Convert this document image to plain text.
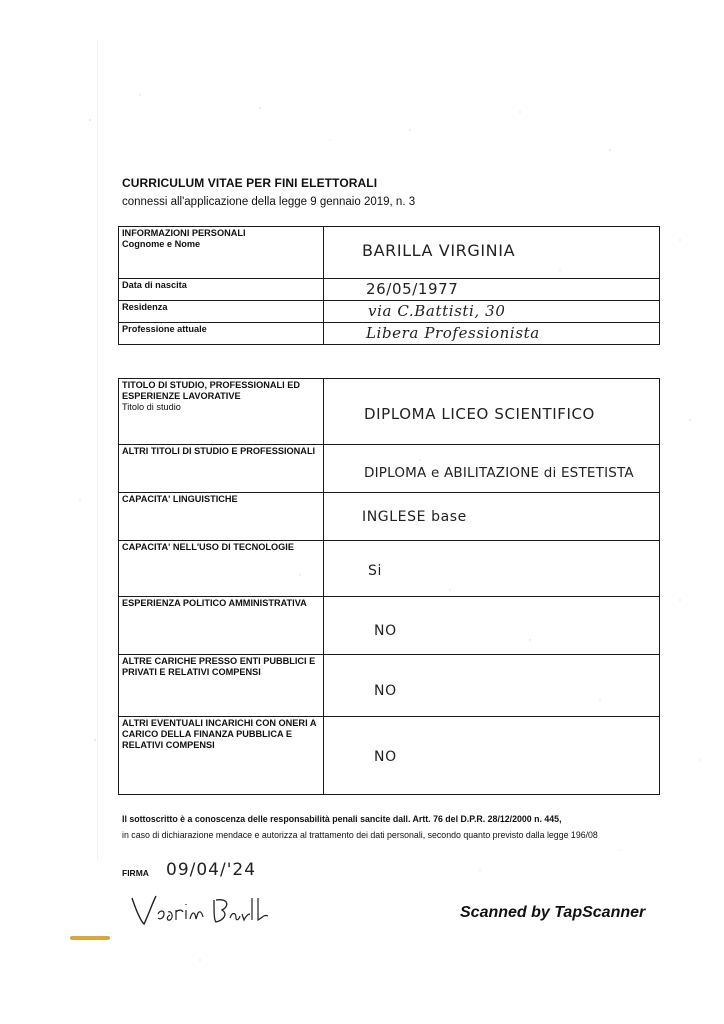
CURRICULUM VITAE PER FINI ELETTORALI
connessi all'applicazione della legge 9 gennaio 2019, n. 3
INFORMAZIONI PERSONALI
Cognome e Nome	BARILLA VIRGINIA

Data di nascita	26/05/1977

Residenza	via C.Battisti, 30

Professione attuale	Libera Professionista
TITOLO DI STUDIO, PROFESSIONALI ED ESPERIENZE LAVORATIVE
Titolo di studio	DIPLOMA LICEO SCIENTIFICO

ALTRI TITOLI DI STUDIO E PROFESSIONALI	DIPLOMA e ABILITAZIONE di ESTETISTA

CAPACITA' LINGUISTICHE	INGLESE base

CAPACITA' NELL'USO DI TECNOLOGIE	Si

ESPERIENZA POLITICO AMMINISTRATIVA	NO

ALTRE CARICHE PRESSO ENTI PUBBLICI E PRIVATI E RELATIVI COMPENSI	NO

ALTRI EVENTUALI INCARICHI CON ONERI A CARICO DELLA FINANZA PUBBLICA E RELATIVI COMPENSI	NO
Il sottoscritto è a conoscenza delle responsabilità penali sancite dall. Artt. 76 del D.P.R. 28/12/2000 n. 445,
in caso di dichiarazione mendace e autorizza al trattamento dei dati personali, secondo quanto previsto dalla legge 196/08
FIRMA 09/04/'24
Scanned by TapScanner
